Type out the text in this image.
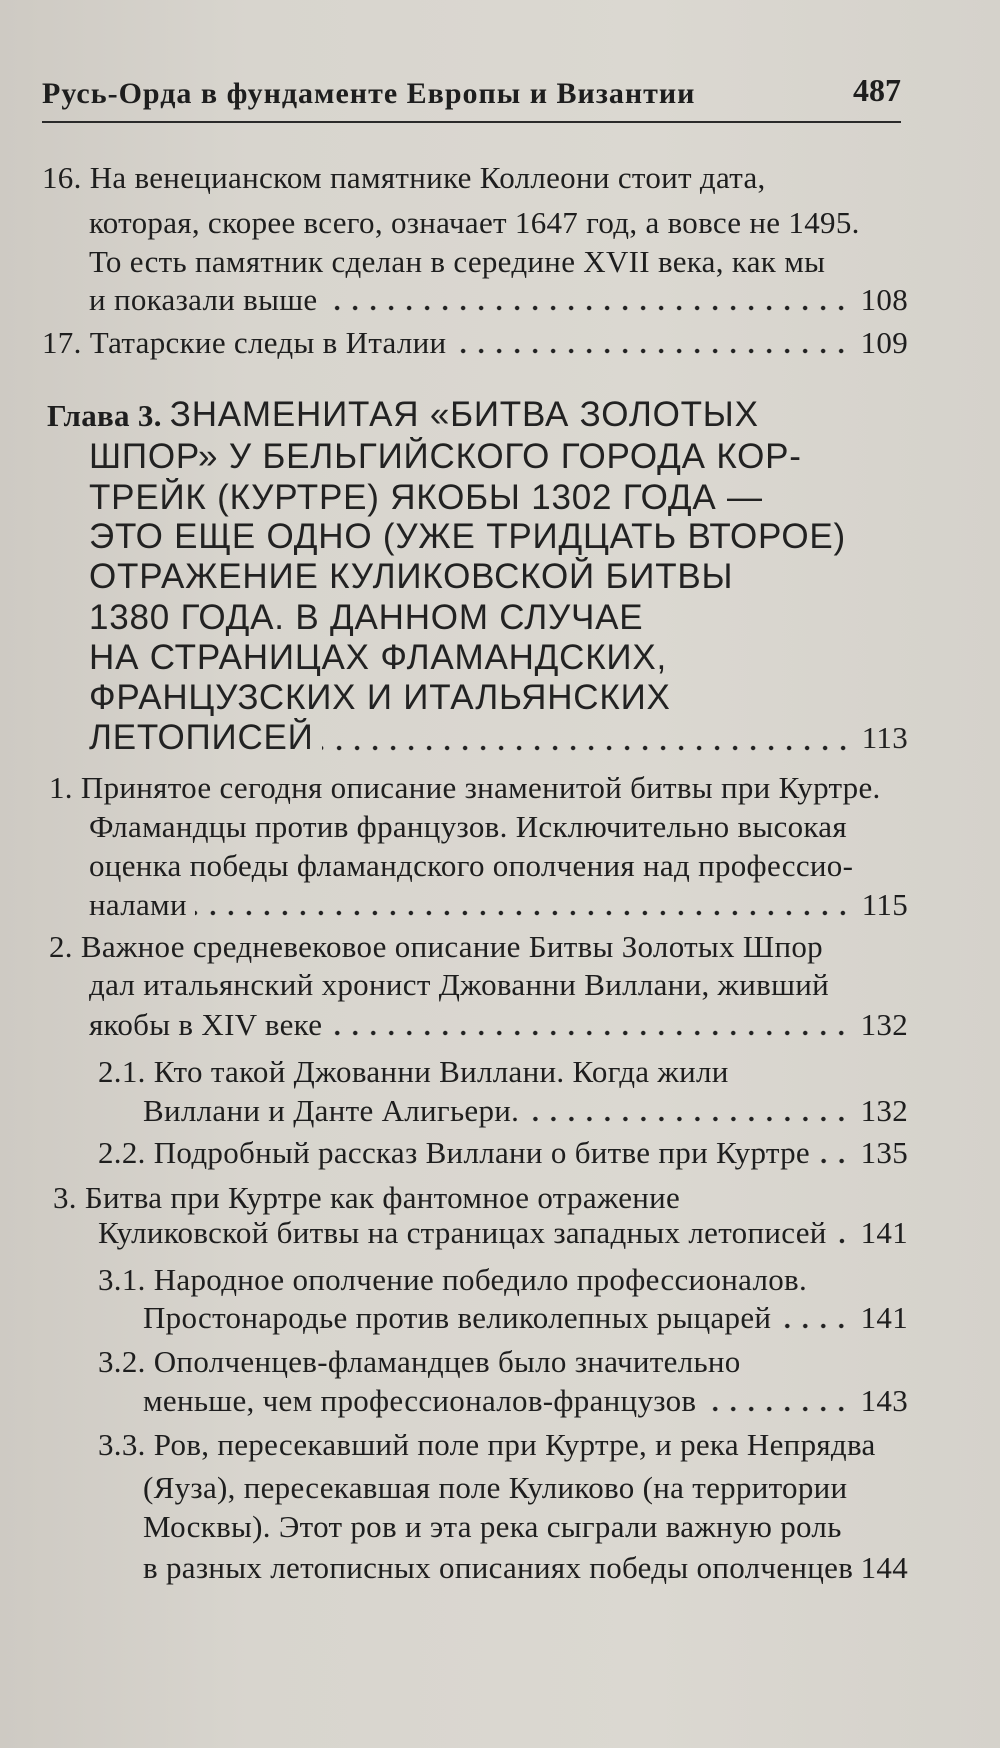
Русь-Орда в фундаменте Европы и Византии	487
16. На венецианском памятнике Коллеони стоит дата,
которая, скорее всего, означает 1647 год, а вовсе не 1495.
То есть памятник сделан в середине XVII века, как мы
и показали выше	108
17. Татарские следы в Италии	109
Глава 3. ЗНАМЕНИТАЯ «БИТВА ЗОЛОТЫХ
ШПОР» У БЕЛЬГИЙСКОГО ГОРОДА КОР-
ТРЕЙК (КУРТРЕ) ЯКОБЫ 1302 ГОДА —
ЭТО ЕЩЕ ОДНО (УЖЕ ТРИДЦАТЬ ВТОРОЕ)
ОТРАЖЕНИЕ КУЛИКОВСКОЙ БИТВЫ
1380 ГОДА. В ДАННОМ СЛУЧАЕ
НА СТРАНИЦАХ ФЛАМАНДСКИХ,
ФРАНЦУЗСКИХ И ИТАЛЬЯНСКИХ
ЛЕТОПИСЕЙ	113
1. Принятое сегодня описание знаменитой битвы при Куртре.
Фламандцы против французов. Исключительно высокая
оценка победы фламандского ополчения над профессио-
налами	115
2. Важное средневековое описание Битвы Золотых Шпор
дал итальянский хронист Джованни Виллани, живший
якобы в XIV веке	132
2.1. Кто такой Джованни Виллани. Когда жили
Виллани и Данте Алигьери.	132
2.2. Подробный рассказ Виллани о битве при Куртре 135
3. Битва при Куртре как фантомное отражение
Куликовской битвы на страницах западных летописей 141
3.1. Народное ополчение победило профессионалов.
Простонародье против великолепных рыцарей	141
3.2. Ополченцев-фламандцев было значительно
меньше, чем профессионалов-французов	143
3.3. Ров, пересекавший поле при Куртре, и река Непрядва
(Яуза), пересекавшая поле Куликово (на территории
Москвы). Этот ров и эта река сыграли важную роль
в разных летописных описаниях победы ополченцев 144
